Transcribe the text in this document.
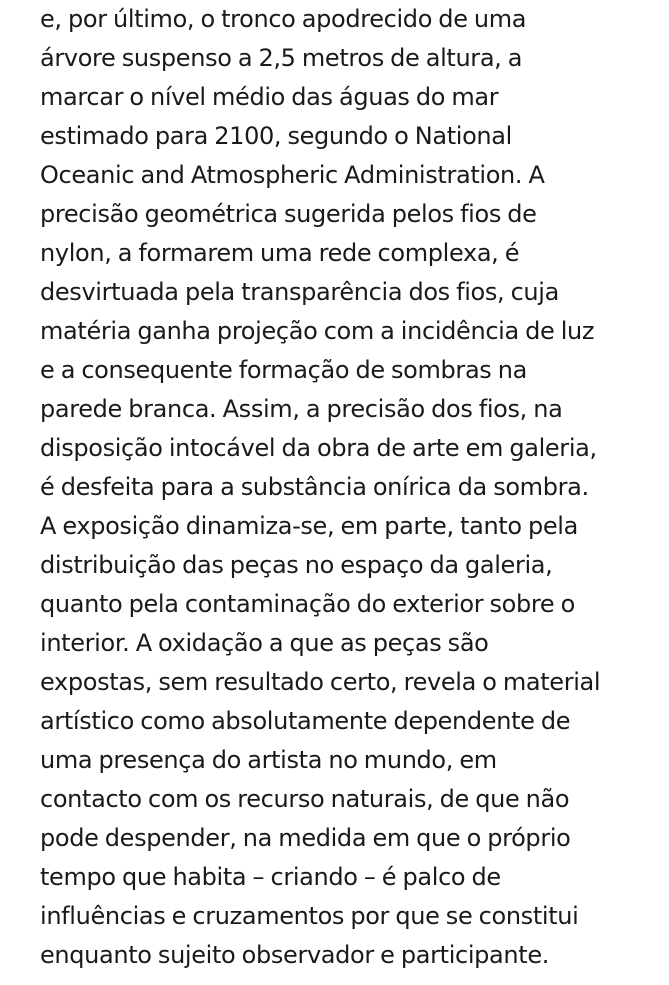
e, por último, o tronco apodrecido de uma
árvore suspenso a 2,5 metros de altura, a
marcar o nível médio das águas do mar
estimado para 2100, segundo o National
Oceanic and Atmospheric Administration. A
precisão geométrica sugerida pelos fios de
nylon, a formarem uma rede complexa, é
desvirtuada pela transparência dos fios, cuja
matéria ganha projeção com a incidência de luz
e a consequente formação de sombras na
parede branca. Assim, a precisão dos fios, na
disposição intocável da obra de arte em galeria,
é desfeita para a substância onírica da sombra.
A exposição dinamiza-se, em parte, tanto pela
distribuição das peças no espaço da galeria,
quanto pela contaminação do exterior sobre o
interior. A oxidação a que as peças são
expostas, sem resultado certo, revela o material
artístico como absolutamente dependente de
uma presença do artista no mundo, em
contacto com os recurso naturais, de que não
pode despender, na medida em que o próprio
tempo que habita – criando – é palco de
influências e cruzamentos por que se constitui
enquanto sujeito observador e participante.
